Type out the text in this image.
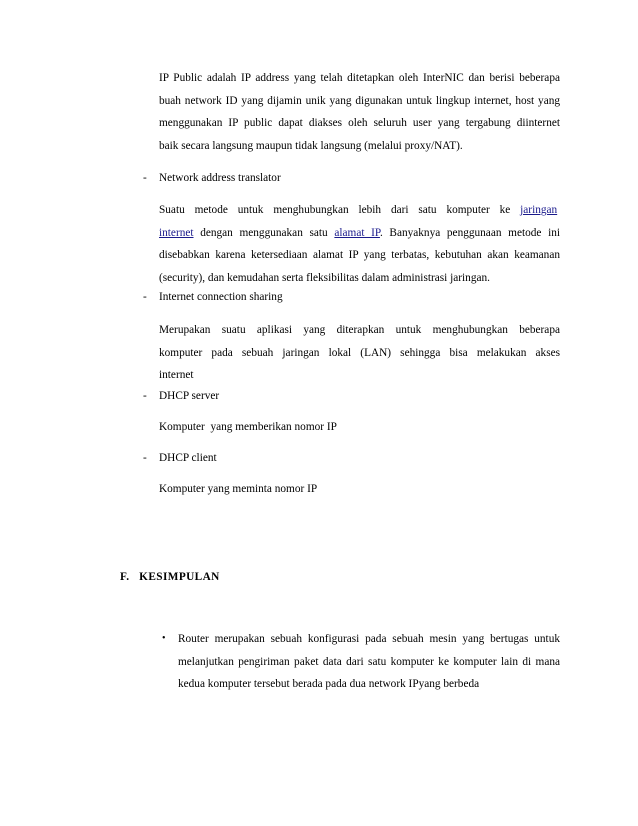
IP Public adalah IP address yang telah ditetapkan oleh InterNIC dan berisi beberapa
buah network ID yang dijamin unik yang digunakan untuk lingkup internet, host yang
menggunakan IP public dapat diakses oleh seluruh user yang tergabung diinternet
baik secara langsung maupun tidak langsung (melalui proxy/NAT).
- Network address translator
Suatu metode untuk menghubungkan lebih dari satu komputer ke jaringan
internet dengan menggunakan satu alamat IP. Banyaknya penggunaan metode ini
disebabkan karena ketersediaan alamat IP yang terbatas, kebutuhan akan keamanan
(security), dan kemudahan serta fleksibilitas dalam administrasi jaringan.
- Internet connection sharing
Merupakan suatu aplikasi yang diterapkan untuk menghubungkan beberapa
komputer pada sebuah jaringan lokal (LAN) sehingga bisa melakukan akses
internet
- DHCP server
Komputer  yang memberikan nomor IP
- DHCP client
Komputer yang meminta nomor IP
F.   KESIMPULAN
• Router merupakan sebuah konfigurasi pada sebuah mesin yang bertugas untuk
melanjutkan pengiriman paket data dari satu komputer ke komputer lain di mana
kedua komputer tersebut berada pada dua network IPyang berbeda
